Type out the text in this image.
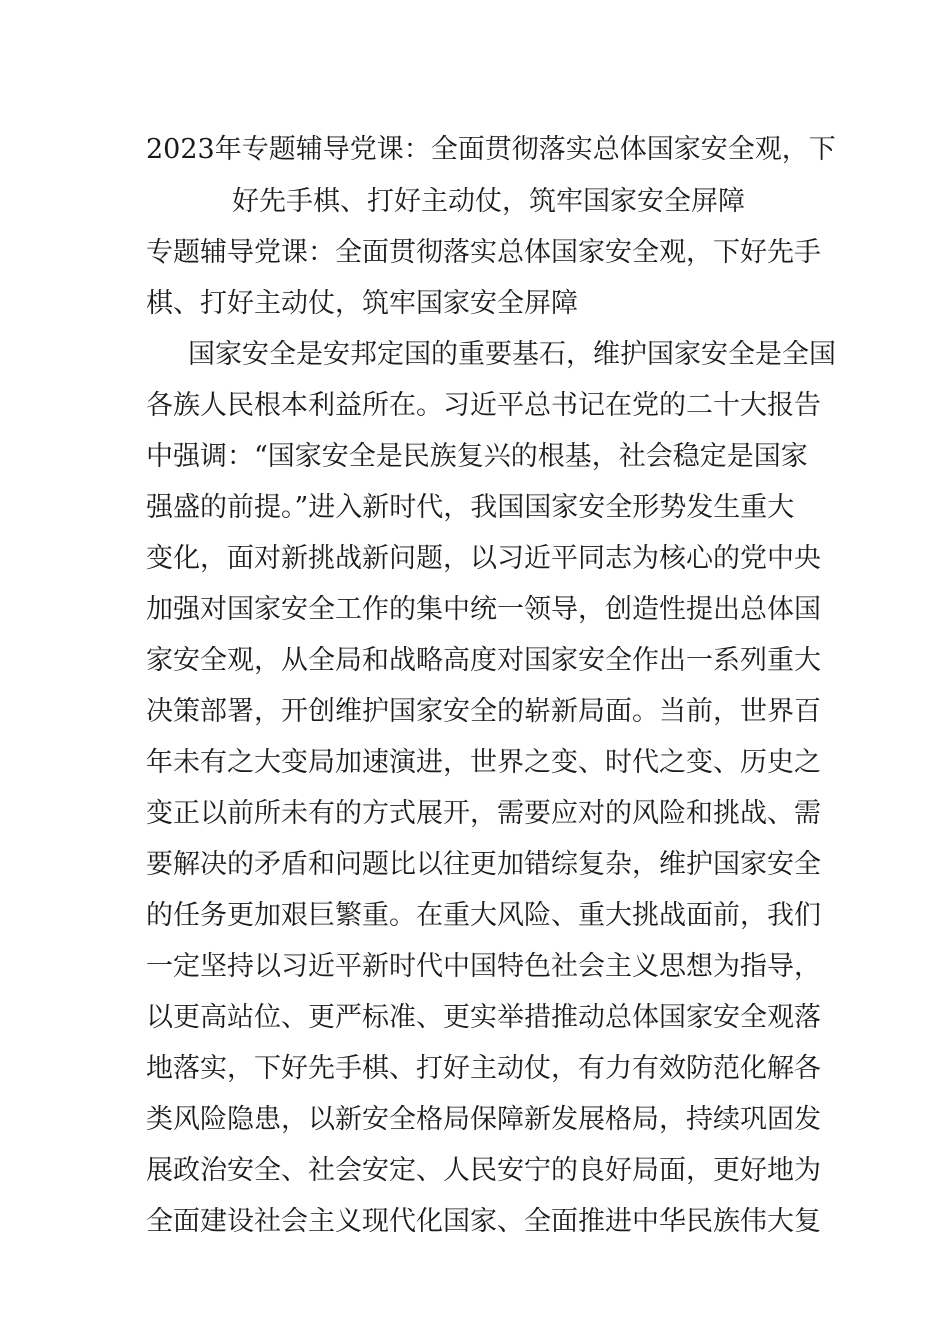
2023年专题辅导党课：全面贯彻落实总体国家安全观，下
好先手棋、打好主动仗，筑牢国家安全屏障
专题辅导党课：全面贯彻落实总体国家安全观，下好先手
棋、打好主动仗，筑牢国家安全屏障
国家安全是安邦定国的重要基石，维护国家安全是全国
各族人民根本利益所在。习近平总书记在党的二十大报告
中强调：“国家安全是民族复兴的根基，社会稳定是国家
强盛的前提。”进入新时代，我国国家安全形势发生重大
变化，面对新挑战新问题，以习近平同志为核心的党中央
加强对国家安全工作的集中统一领导，创造性提出总体国
家安全观，从全局和战略高度对国家安全作出一系列重大
决策部署，开创维护国家安全的崭新局面。当前，世界百
年未有之大变局加速演进，世界之变、时代之变、历史之
变正以前所未有的方式展开，需要应对的风险和挑战、需
要解决的矛盾和问题比以往更加错综复杂，维护国家安全
的任务更加艰巨繁重。在重大风险、重大挑战面前，我们
一定坚持以习近平新时代中国特色社会主义思想为指导，
以更高站位、更严标准、更实举措推动总体国家安全观落
地落实，下好先手棋、打好主动仗，有力有效防范化解各
类风险隐患，以新安全格局保障新发展格局，持续巩固发
展政治安全、社会安定、人民安宁的良好局面，更好地为
全面建设社会主义现代化国家、全面推进中华民族伟大复
